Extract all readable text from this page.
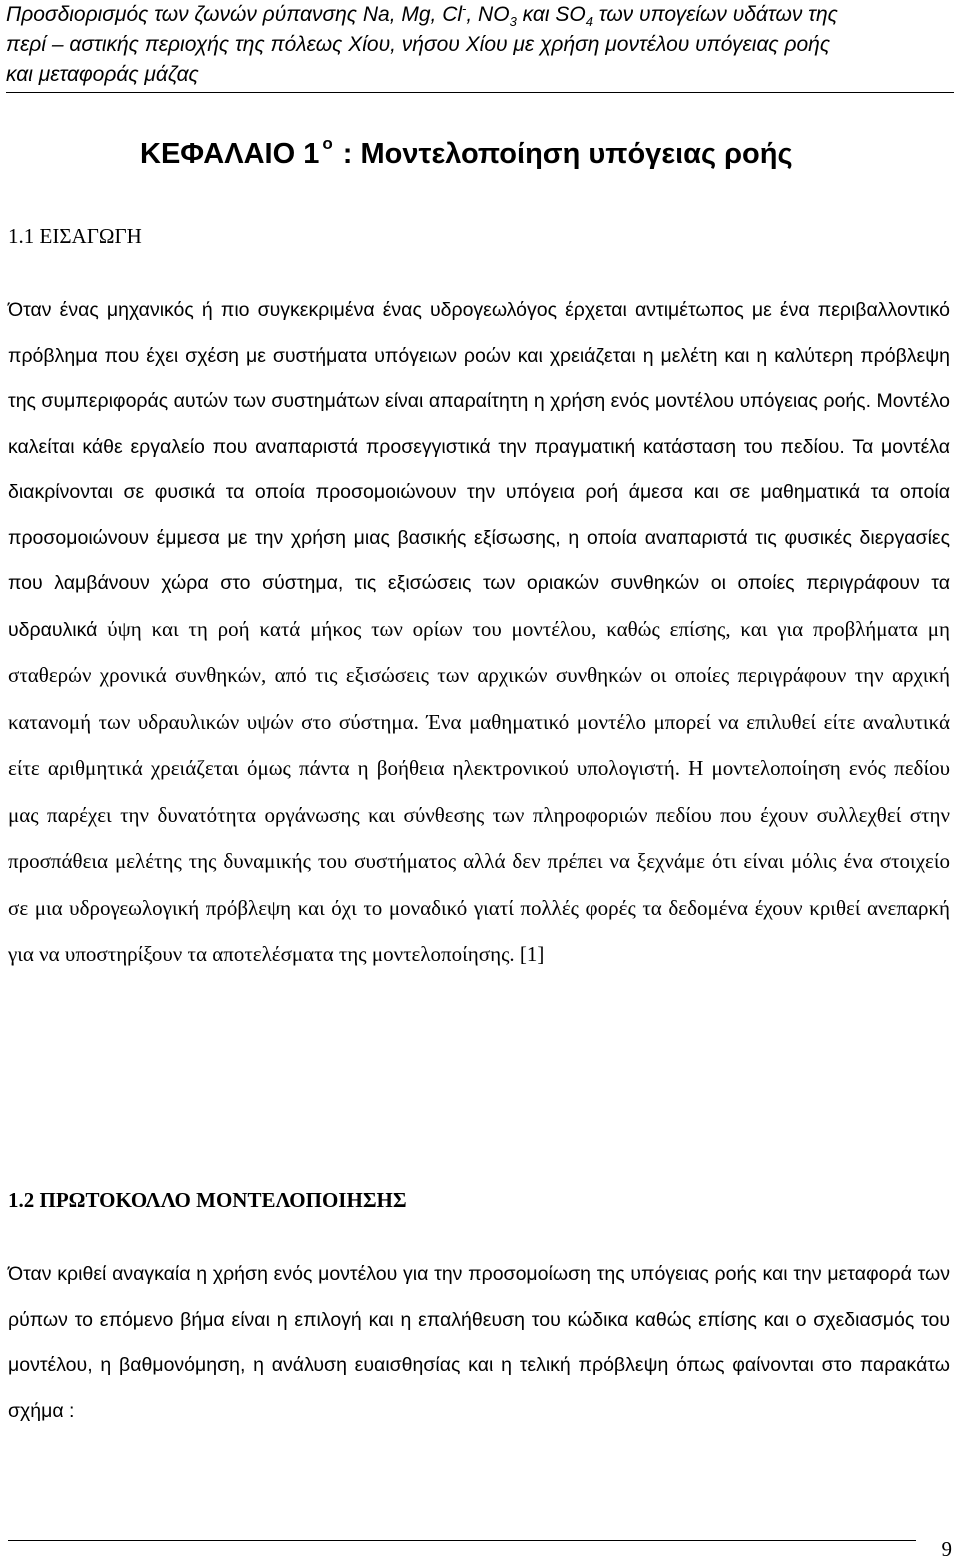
Προσδιορισμός των ζωνών ρύπανσης Na, Mg, Cl-, $NO_3$ και $SO_4$ των υπογείων υδάτων της
περί – αστικής περιοχής της πόλεως Χίου, νήσου Χίου με χρήση μοντέλου υπόγειας ροής
και μεταφοράς μάζας
ΚΕΦΑΛΑΙΟ 1 $^o$ : Μοντελοποίηση υπόγειας ροής
1.1 ΕΙΣΑΓΩΓΗ

Όταν ένας μηχανικός ή πιο συγκεκριμένα ένας υδρογεωλόγος έρχεται αντιμέτωπος με ένα περιβαλλοντικό πρόβλημα που έχει σχέση με συστήματα υπόγειων ροών και χρειάζεται η μελέτη και η καλύτερη πρόβλεψη της συμπεριφοράς αυτών των συστημάτων είναι απαραίτητη η χρήση ενός μοντέλου υπόγειας ροής. Μοντέλο καλείται κάθε εργαλείο που αναπαριστά προσεγγιστικά την πραγματική κατάσταση του πεδίου. Τα μοντέλα διακρίνονται σε φυσικά τα οποία προσομοιώνουν την υπόγεια ροή άμεσα και σε μαθηματικά τα οποία προσομοιώνουν έμμεσα με την χρήση μιας βασικής εξίσωσης, η οποία αναπαριστά τις φυσικές διεργασίες που λαμβάνουν χώρα στο σύστημα, τις εξισώσεις των οριακών συνθηκών οι οποίες περιγράφουν τα υδραυλικά ύψη και τη ροή κατά μήκος των ορίων του μοντέλου, καθώς επίσης, και για προβλήματα μη σταθερών χρονικά συνθηκών, από τις εξισώσεις των αρχικών συνθηκών οι οποίες περιγράφουν την αρχική κατανομή των υδραυλικών υψών στο σύστημα. Ένα μαθηματικό μοντέλο μπορεί να επιλυθεί είτε αναλυτικά είτε αριθμητικά χρειάζεται όμως πάντα η βοήθεια ηλεκτρονικού υπολογιστή. Η μοντελοποίηση ενός πεδίου μας παρέχει την δυνατότητα οργάνωσης και σύνθεσης των πληροφοριών πεδίου που έχουν συλλεχθεί στην προσπάθεια μελέτης της δυναμικής του συστήματος αλλά δεν πρέπει να ξεχνάμε ότι είναι μόλις ένα στοιχείο σε μια υδρογεωλογική πρόβλεψη και όχι το μοναδικό γιατί πολλές φορές τα δεδομένα έχουν κριθεί ανεπαρκή για να υποστηρίξουν τα αποτελέσματα της μοντελοποίησης. [1]

1.2 ΠΡΩΤΟΚΟΛΛΟ ΜΟΝΤΕΛΟΠΟΙΗΣΗΣ

Όταν κριθεί αναγκαία η χρήση ενός μοντέλου για την προσομοίωση της υπόγειας ροής και την μεταφορά των ρύπων το επόμενο βήμα είναι η επιλογή και η επαλήθευση του κώδικα καθώς επίσης και ο σχεδιασμός του μοντέλου, η βαθμονόμηση, η ανάλυση ευαισθησίας και η τελική πρόβλεψη όπως φαίνονται στο παρακάτω σχήμα :

9
